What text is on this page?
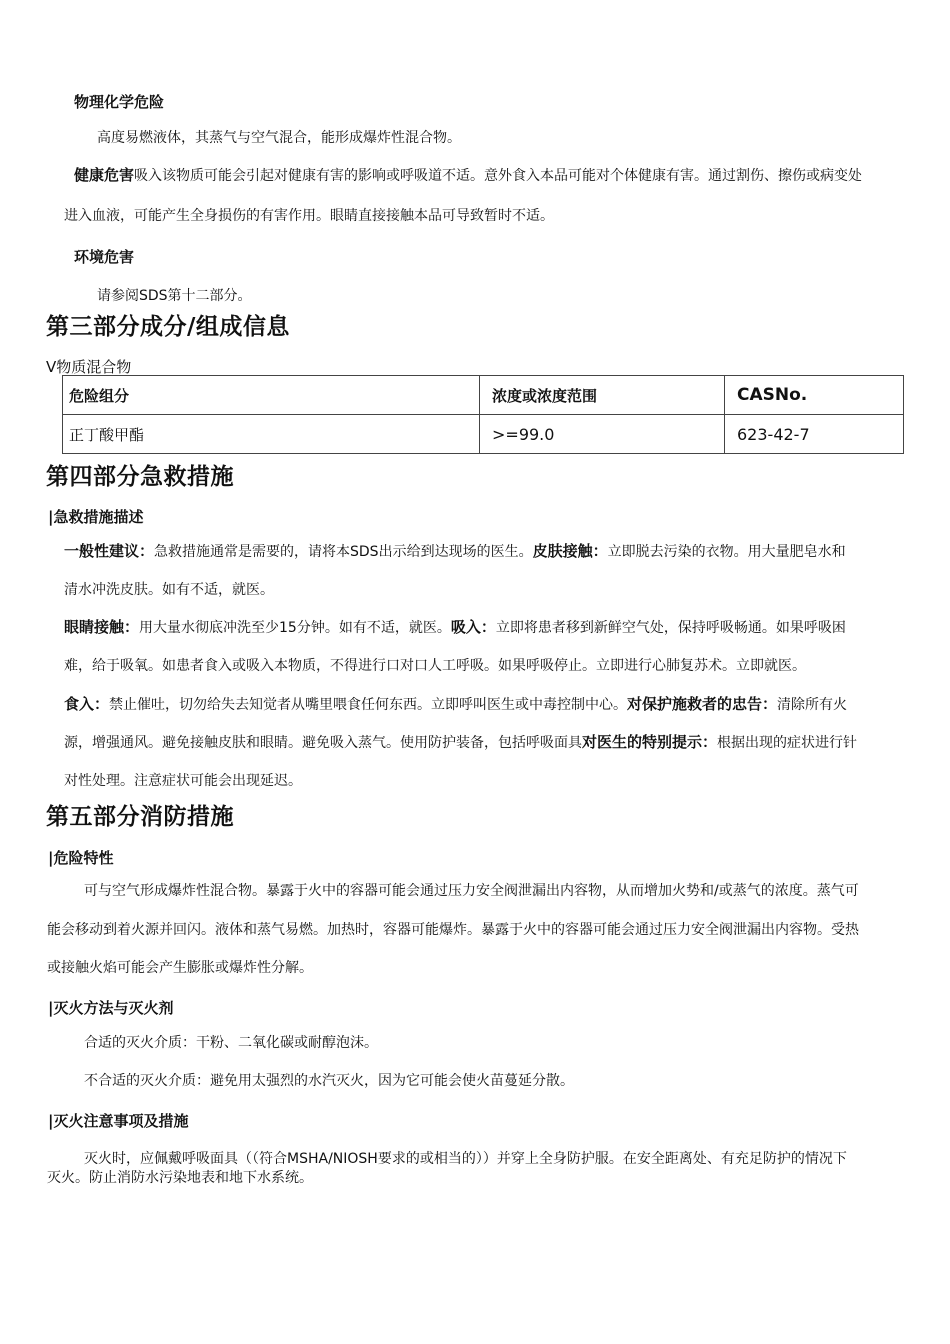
物理化学危险
高度易燃液体，其蒸气与空气混合，能形成爆炸性混合物。
健康危害吸入该物质可能会引起对健康有害的影响或呼吸道不适。意外食入本品可能对个体健康有害。通过割伤、擦伤或病变处
进入血液，可能产生全身损伤的有害作用。眼睛直接接触本品可导致暂时不适。
环境危害
请参阅SDS第十二部分。
第三部分成分/组成信息
V物质混合物
危险组分	浓度或浓度范围	CASNo.
正丁酸甲酯	>=99.0	623-42-7
第四部分急救措施
|急救措施描述
一般性建议：急救措施通常是需要的，请将本SDS出示给到达现场的医生。皮肤接触：立即脱去污染的衣物。用大量肥皂水和
清水冲洗皮肤。如有不适，就医。
眼睛接触：用大量水彻底冲洗至少15分钟。如有不适，就医。吸入：立即将患者移到新鲜空气处，保持呼吸畅通。如果呼吸困
难，给于吸氧。如患者食入或吸入本物质，不得进行口对口人工呼吸。如果呼吸停止。立即进行心肺复苏术。立即就医。
食入：禁止催吐，切勿给失去知觉者从嘴里喂食任何东西。立即呼叫医生或中毒控制中心。对保护施救者的忠告：清除所有火
源，增强通风。避免接触皮肤和眼睛。避免吸入蒸气。使用防护装备，包括呼吸面具对医生的特别提示：根据出现的症状进行针
对性处理。注意症状可能会出现延迟。
第五部分消防措施
|危险特性
可与空气形成爆炸性混合物。暴露于火中的容器可能会通过压力安全阀泄漏出内容物，从而增加火势和/或蒸气的浓度。蒸气可
能会移动到着火源并回闪。液体和蒸气易燃。加热时，容器可能爆炸。暴露于火中的容器可能会通过压力安全阀泄漏出内容物。受热
或接触火焰可能会产生膨胀或爆炸性分解。
|灭火方法与灭火剂
合适的灭火介质：干粉、二氧化碳或耐醇泡沫。
不合适的灭火介质：避免用太强烈的水汽灭火，因为它可能会使火苗蔓延分散。
|灭火注意事项及措施
灭火时，应佩戴呼吸面具（（符合MSHA/NIOSH要求的或相当的））并穿上全身防护服。在安全距离处、有充足防护的情况下
灭火。防止消防水污染地表和地下水系统。
